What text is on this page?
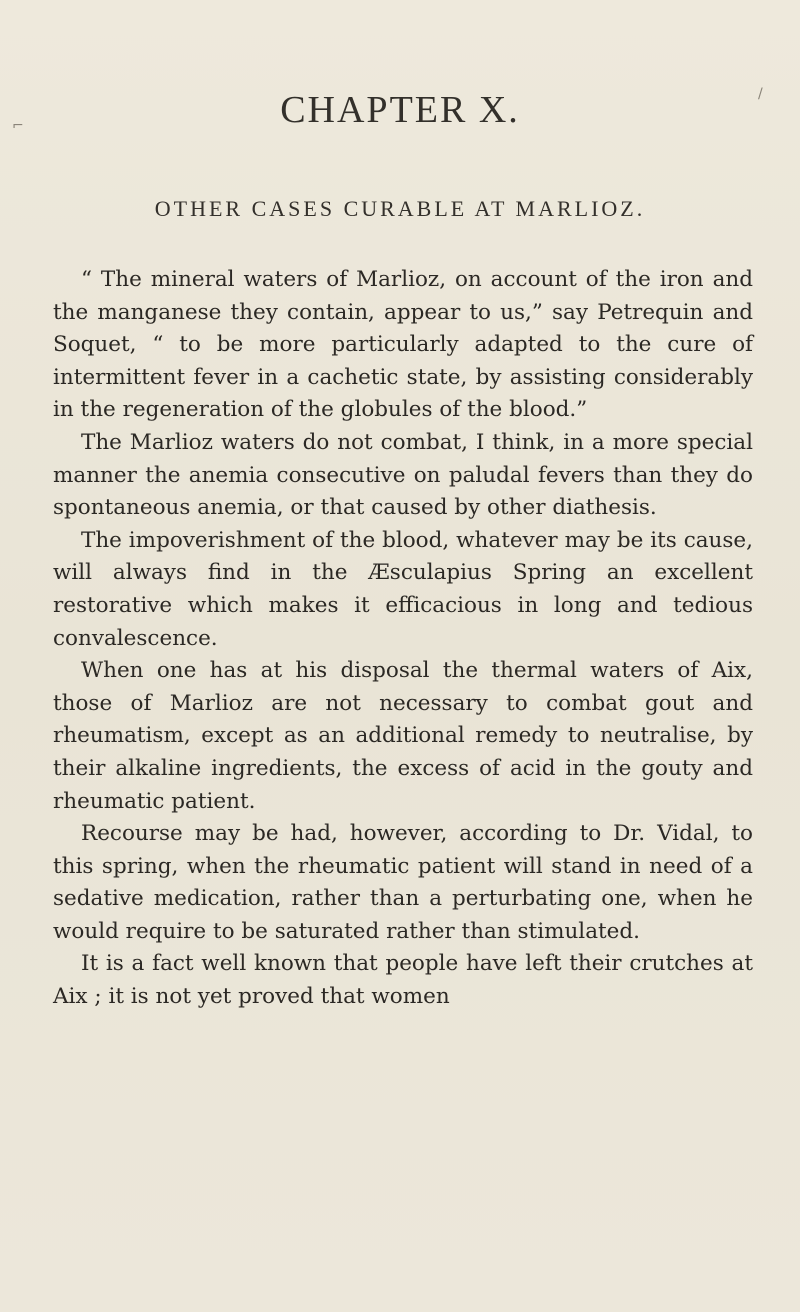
⌐
/
CHAPTER X.
OTHER CASES CURABLE AT MARLIOZ.

“ The mineral waters of Marlioz, on account of the iron and the manganese they contain, appear to us,” say Petrequin and Soquet, “ to be more particularly adapted to the cure of intermittent fever in a cachetic state, by assisting considerably in the regeneration of the globules of the blood.”

The Marlioz waters do not combat, I think, in a more special manner the anemia consecutive on paludal fevers than they do spontaneous anemia, or that caused by other diathesis.

The impoverishment of the blood, whatever may be its cause, will always find in the Æsculapius Spring an excellent restorative which makes it efficacious in long and tedious convalescence.

When one has at his disposal the thermal waters of Aix, those of Marlioz are not necessary to combat gout and rheumatism, except as an additional remedy to neutralise, by their alkaline ingredients, the excess of acid in the gouty and rheumatic patient.

Recourse may be had, however, according to Dr. Vidal, to this spring, when the rheumatic patient will stand in need of a sedative medication, rather than a perturbating one, when he would require to be saturated rather than stimulated.

It is a fact well known that people have left their crutches at Aix ; it is not yet proved that women
